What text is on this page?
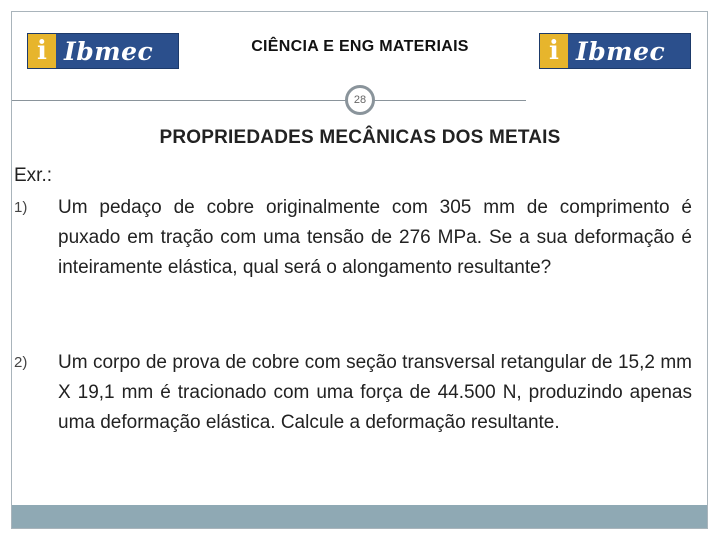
i Ibmec	CIÊNCIA E ENG MATERIAIS	i Ibmec
28
PROPRIEDADES MECÂNICAS DOS METAIS
Exr.:
1)	Um pedaço de cobre originalmente com 305 mm de comprimento é puxado em tração com uma tensão de 276 MPa. Se a sua deformação é inteiramente elástica, qual será o alongamento resultante?
2)	Um corpo de prova de cobre com seção transversal retangular de 15,2 mm X 19,1 mm é tracionado com uma força de 44.500 N, produzindo apenas uma deformação elástica. Calcule a deformação resultante.
